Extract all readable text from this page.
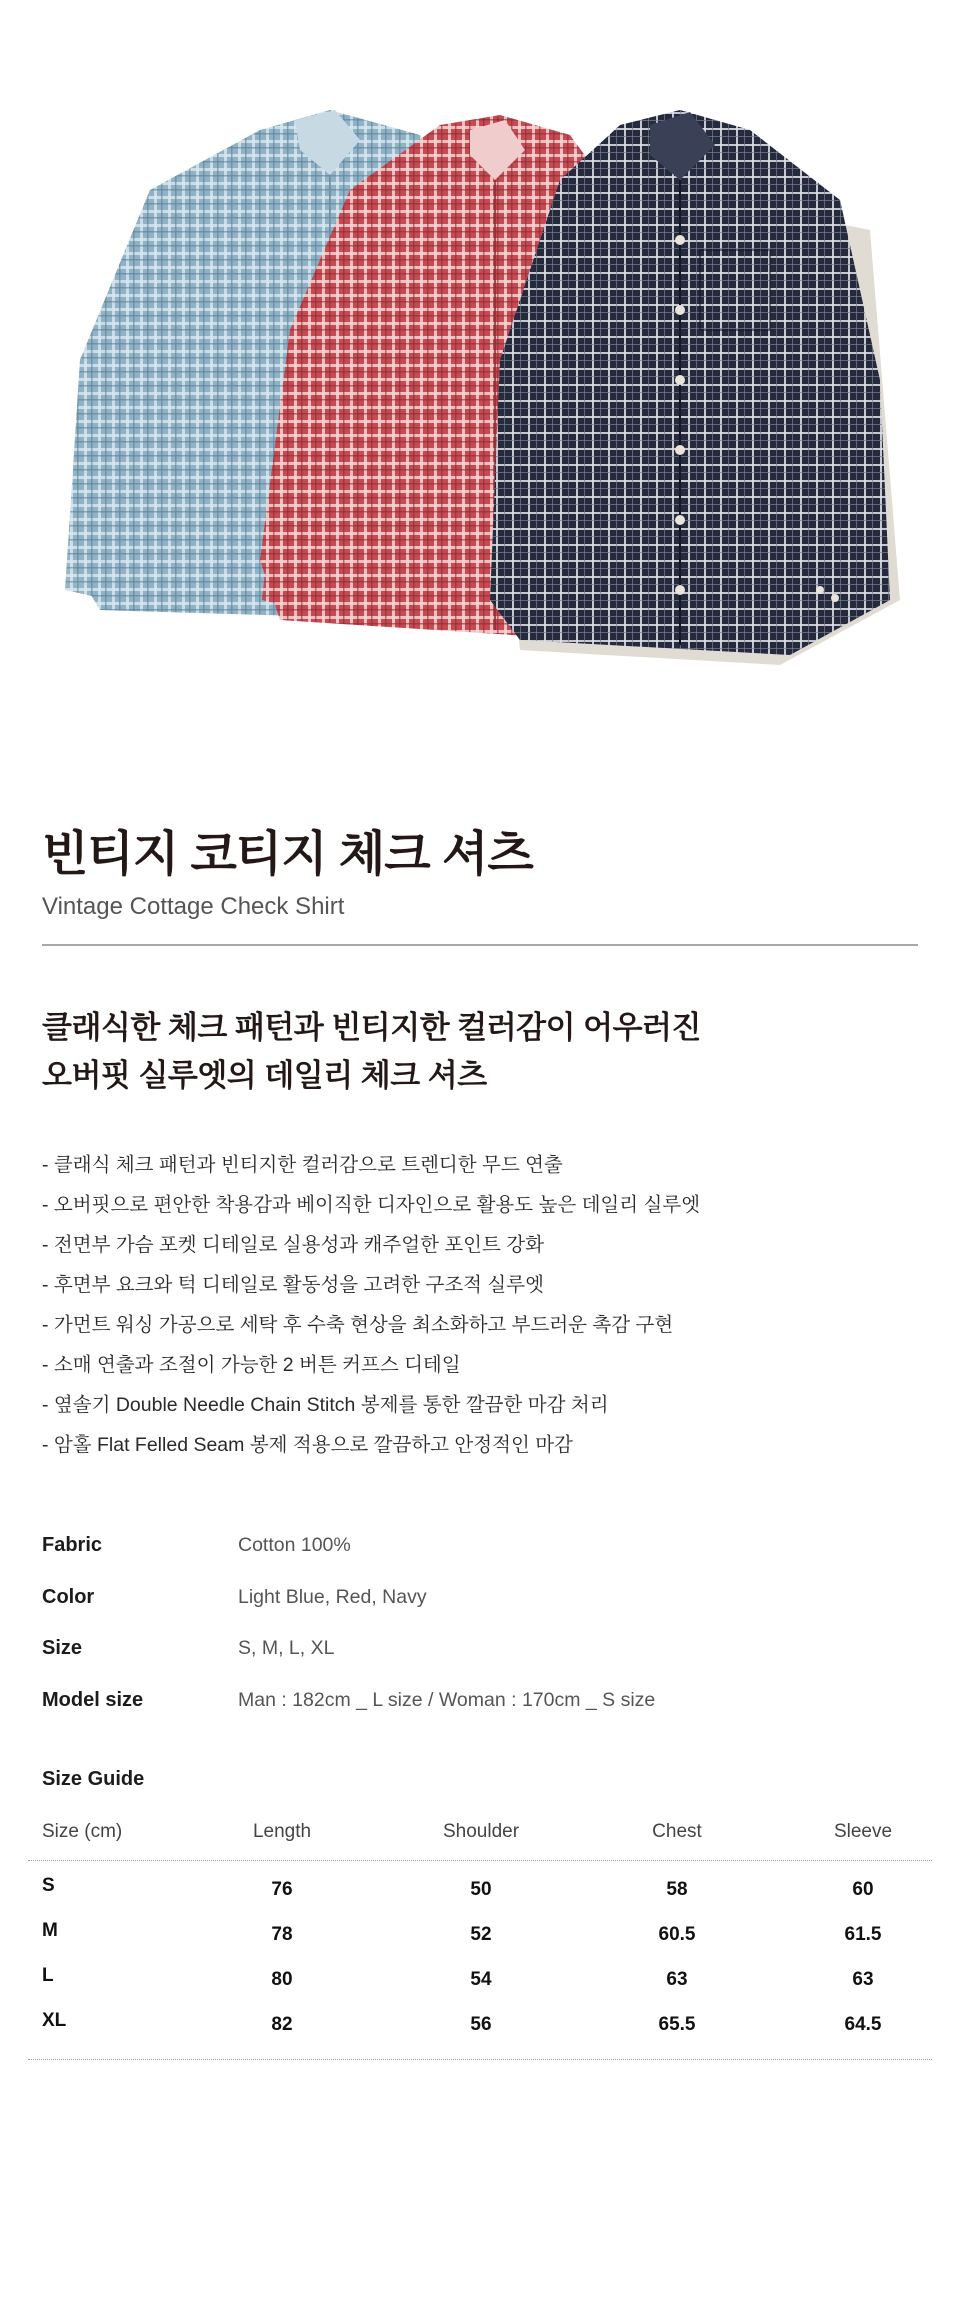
빈티지 코티지 체크 셔츠
Vintage Cottage Check Shirt
클래식한 체크 패턴과 빈티지한 컬러감이 어우러진
오버핏 실루엣의 데일리 체크 셔츠
- 클래식 체크 패턴과 빈티지한 컬러감으로 트렌디한 무드 연출
- 오버핏으로 편안한 착용감과 베이직한 디자인으로 활용도 높은 데일리 실루엣
- 전면부 가슴 포켓 디테일로 실용성과 캐주얼한 포인트 강화
- 후면부 요크와 턱 디테일로 활동성을 고려한 구조적 실루엣
- 가먼트 워싱 가공으로 세탁 후 수축 현상을 최소화하고 부드러운 촉감 구현
- 소매 연출과 조절이 가능한 2 버튼 커프스 디테일
- 옆솔기 Double Needle Chain Stitch 봉제를 통한 깔끔한 마감 처리
- 암홀 Flat Felled Seam 봉제 적용으로 깔끔하고 안정적인 마감
Fabric	Cotton 100%
Color	Light Blue, Red, Navy
Size	S, M, L, XL
Model size	Man : 182cm _ L size / Woman : 170cm _ S size
Size Guide
Size (cm)	Length	Shoulder	Chest	Sleeve
S	76	50	58	60
M	78	52	60.5	61.5
L	80	54	63	63
XL	82	56	65.5	64.5
